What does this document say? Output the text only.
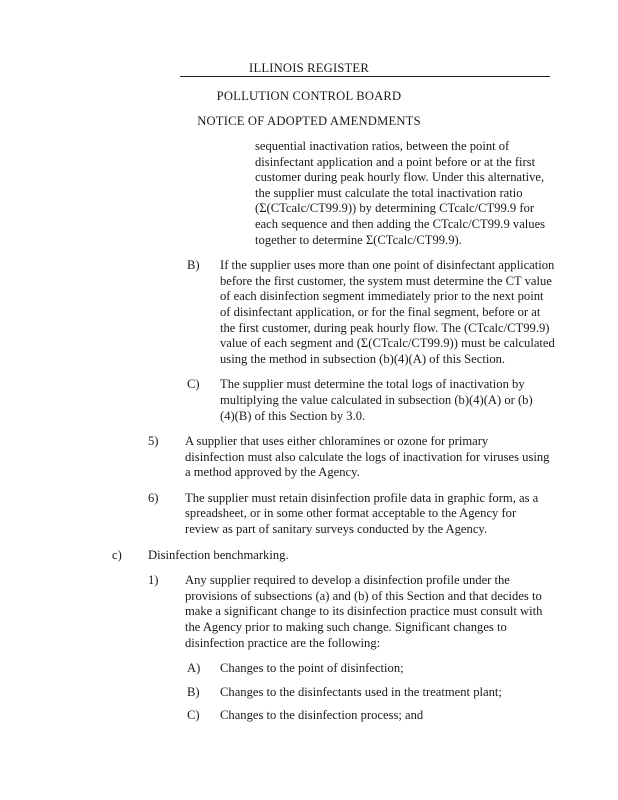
ILLINOIS REGISTER
POLLUTION CONTROL BOARD
NOTICE OF ADOPTED AMENDMENTS
sequential inactivation ratios, between the point of disinfectant application and a point before or at the first customer during peak hourly flow. Under this alternative, the supplier must calculate the total inactivation ratio (Σ(CTcalc/CT99.9)) by determining CTcalc/CT99.9 for each sequence and then adding the CTcalc/CT99.9 values together to determine Σ(CTcalc/CT99.9).
B) If the supplier uses more than one point of disinfectant application before the first customer, the system must determine the CT value of each disinfection segment immediately prior to the next point of disinfectant application, or for the final segment, before or at the first customer, during peak hourly flow. The (CTcalc/CT99.9) value of each segment and (Σ(CTcalc/CT99.9)) must be calculated using the method in subsection (b)(4)(A) of this Section.
C) The supplier must determine the total logs of inactivation by multiplying the value calculated in subsection (b)(4)(A) or (b)(4)(B) of this Section by 3.0.
5) A supplier that uses either chloramines or ozone for primary disinfection must also calculate the logs of inactivation for viruses using a method approved by the Agency.
6) The supplier must retain disinfection profile data in graphic form, as a spreadsheet, or in some other format acceptable to the Agency for review as part of sanitary surveys conducted by the Agency.
c) Disinfection benchmarking.
1) Any supplier required to develop a disinfection profile under the provisions of subsections (a) and (b) of this Section and that decides to make a significant change to its disinfection practice must consult with the Agency prior to making such change. Significant changes to disinfection practice are the following:
A) Changes to the point of disinfection;
B) Changes to the disinfectants used in the treatment plant;
C) Changes to the disinfection process; and
